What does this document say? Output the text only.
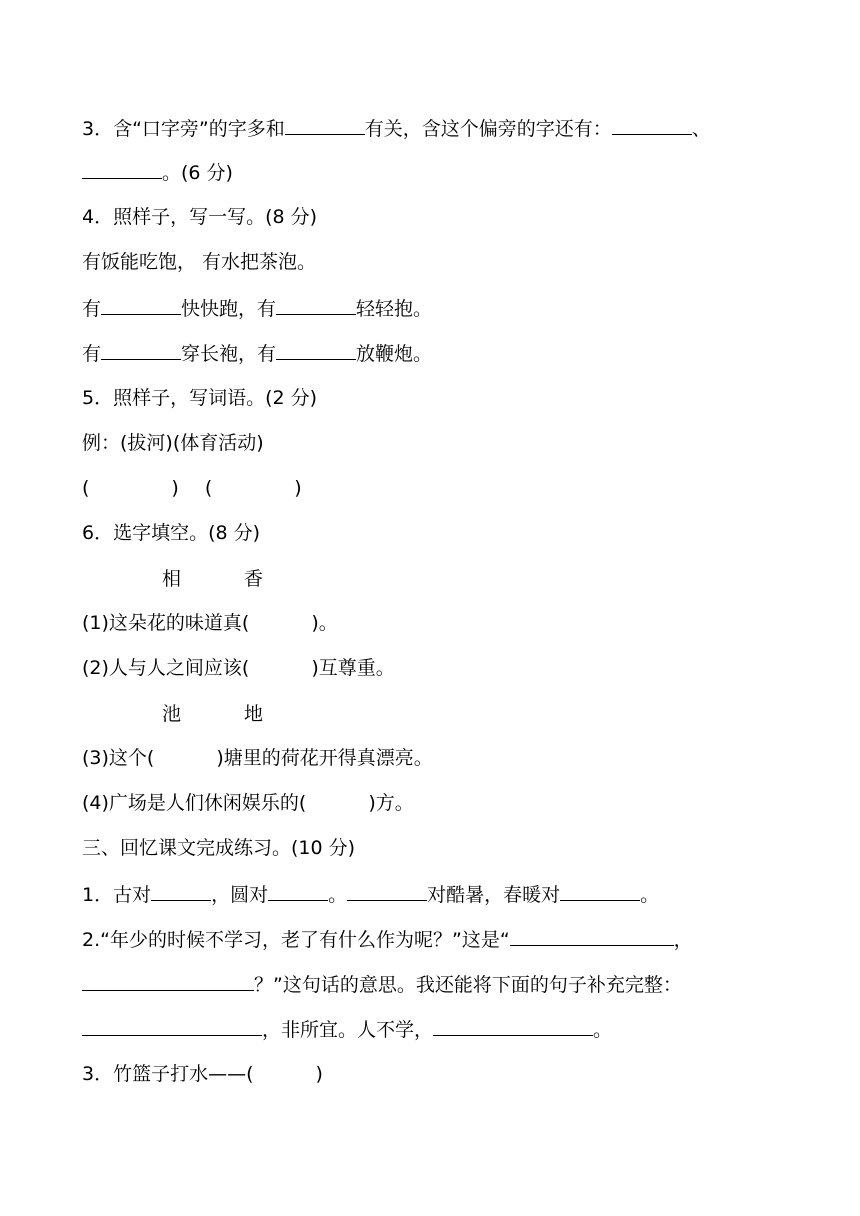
3．含“口字旁”的字多和	有关，含这个偏旁的字还有：	、
。(6 分)
4．照样子，写一写。(8 分)
有饭能吃饱， 有水把茶泡。
有	快快跑，有	轻轻抱。
有	穿长袍，有	放鞭炮。
5．照样子，写词语。(2 分)
例：(拔河)(体育活动)
(	) (	)
6．选字填空。(8 分)
相	香
(1)这朵花的味道真(	)。
(2)人与人之间应该(	)互尊重。
池	地
(3)这个(	)塘里的荷花开得真漂亮。
(4)广场是人们休闲娱乐的(	)方。
三、回忆课文完成练习。(10 分)
1．古对	，圆对	。	对酷暑，春暖对	。
2.“年少的时候不学习，老了有什么作为呢？”这是“	，
？”这句话的意思。我还能将下面的句子补充完整：
，非所宜。人不学，	。
3．竹篮子打水——(	)
